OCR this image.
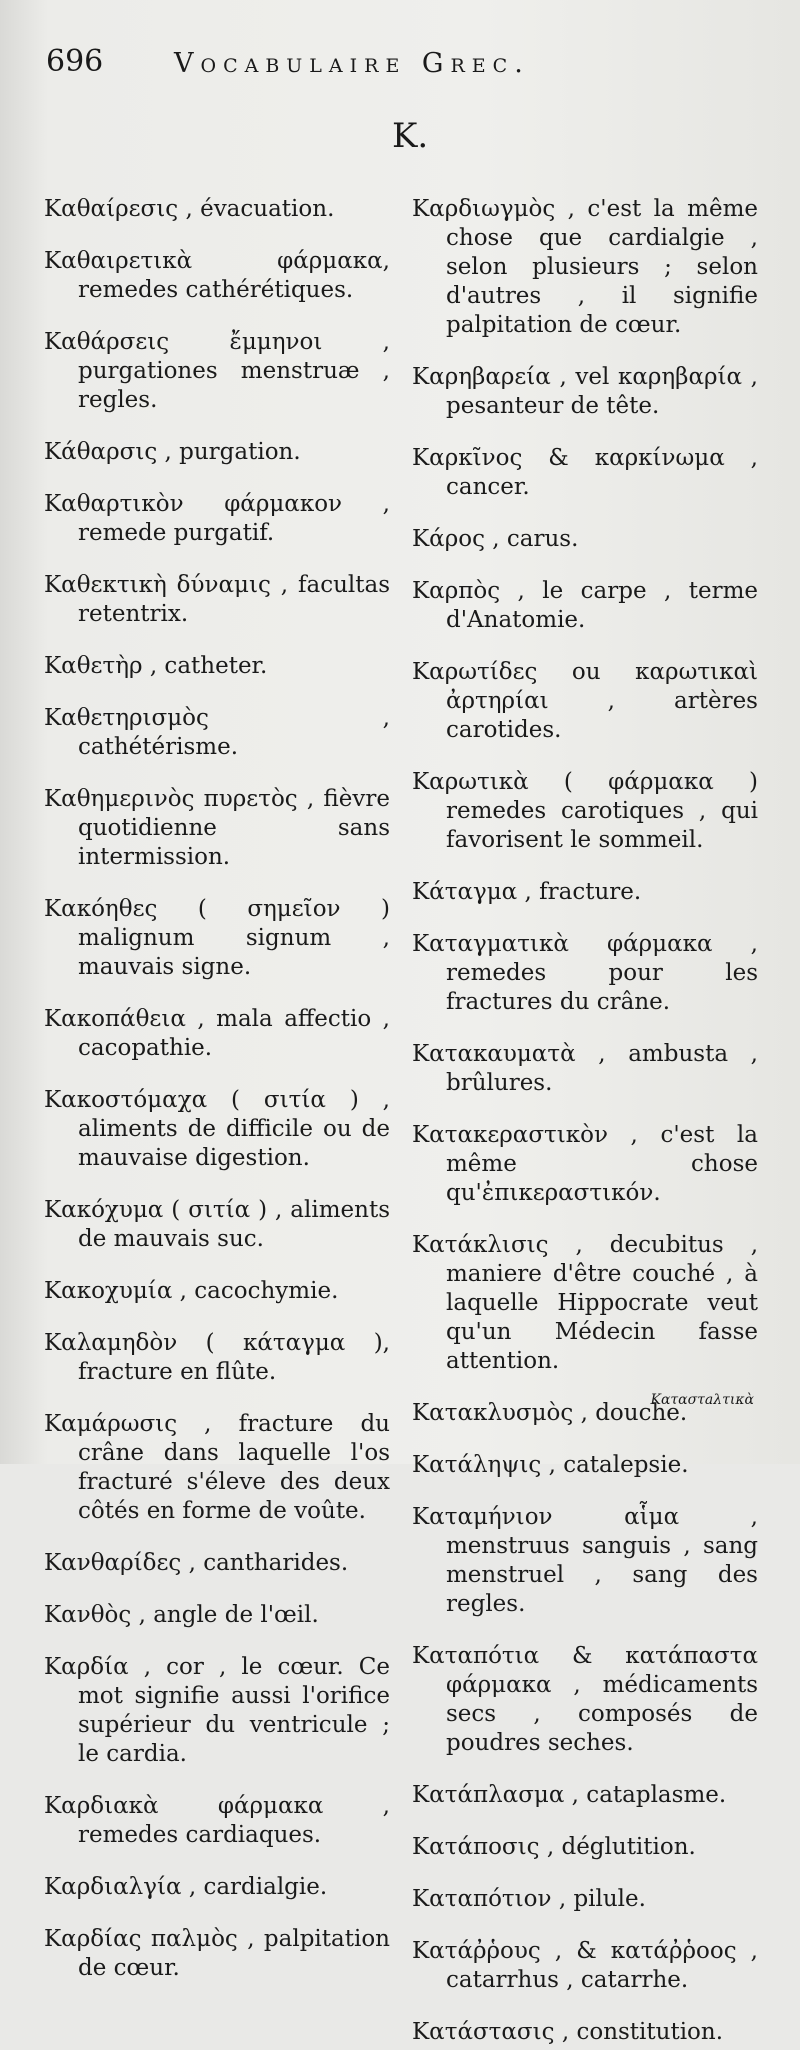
696	Vocabulaire Grec.
K.

Καθαίρεσις , évacuation.

Καθαιρετικὰ φάρμακα, remedes cathérétiques.

Καθάρσεις ἔμμηνοι , purgationes menstruæ , regles.

Κάθαρσις , purgation.

Καθαρτικὸν φάρμακον , remede purgatif.

Καθεκτικὴ δύναμις , facultas retentrix.

Καθετὴρ , catheter.

Καθετηρισμὸς , cathétérisme.

Καθημερινὸς πυρετὸς , fièvre quotidienne sans intermission.

Κακόηθες ( σημεῖον ) malignum signum , mauvais signe.

Κακοπάθεια , mala affectio , cacopathie.

Κακοστόμαχα ( σιτία ) , aliments de difficile ou de mauvaise digestion.

Κακόχυμα ( σιτία ) , aliments de mauvais suc.

Κακοχυμία , cacochymie.

Καλαμηδὸν ( κάταγμα ), fracture en flûte.

Καμάρωσις , fracture du crâne dans laquelle l'os fracturé s'éleve des deux côtés en forme de voûte.

Κανθαρίδες , cantharides.

Κανθὸς , angle de l'œil.

Καρδία , cor , le cœur. Ce mot signifie aussi l'orifice supérieur du ventricule ; le cardia.

Καρδιακὰ φάρμακα , remedes cardiaques.

Καρδιαλγία , cardialgie.

Καρδίας παλμὸς , palpitation de cœur.

Καρδιωγμὸς , c'est la même chose que cardialgie , selon plusieurs ; selon d'autres , il signifie palpitation de cœur.

Καρηβαρεία , vel καρηβαρία , pesanteur de tête.

Καρκῖνος & καρκίνωμα , cancer.

Κάρος , carus.

Καρπὸς , le carpe , terme d'Anatomie.

Καρωτίδες ou καρωτικαὶ ἀρτηρίαι , artères carotides.

Καρωτικὰ ( φάρμακα ) remedes carotiques , qui favorisent le sommeil.

Κάταγμα , fracture.

Καταγματικὰ φάρμακα , remedes pour les fractures du crâne.

Κατακαυματὰ , ambusta , brûlures.

Κατακεραστικὸν , c'est la même chose qu'ἐπικεραστικόν.

Κατάκλισις , decubitus , maniere d'être couché , à laquelle Hippocrate veut qu'un Médecin fasse attention.

Κατακλυσμὸς , douche.

Κατάληψις , catalepsie.

Καταμήνιον αἷμα , menstruus sanguis , sang menstruel , sang des regles.

Καταπότια & κατάπαστα φάρμακα , médicaments secs , composés de poudres seches.

Κατάπλασμα , cataplasme.

Κατάποσις , déglutition.

Καταπότιον , pilule.

Κατάῤῥους , & κατάῤῥοος , catarrhus , catarrhe.

Κατάστασις , constitution.

Καταστaλτικὰ
